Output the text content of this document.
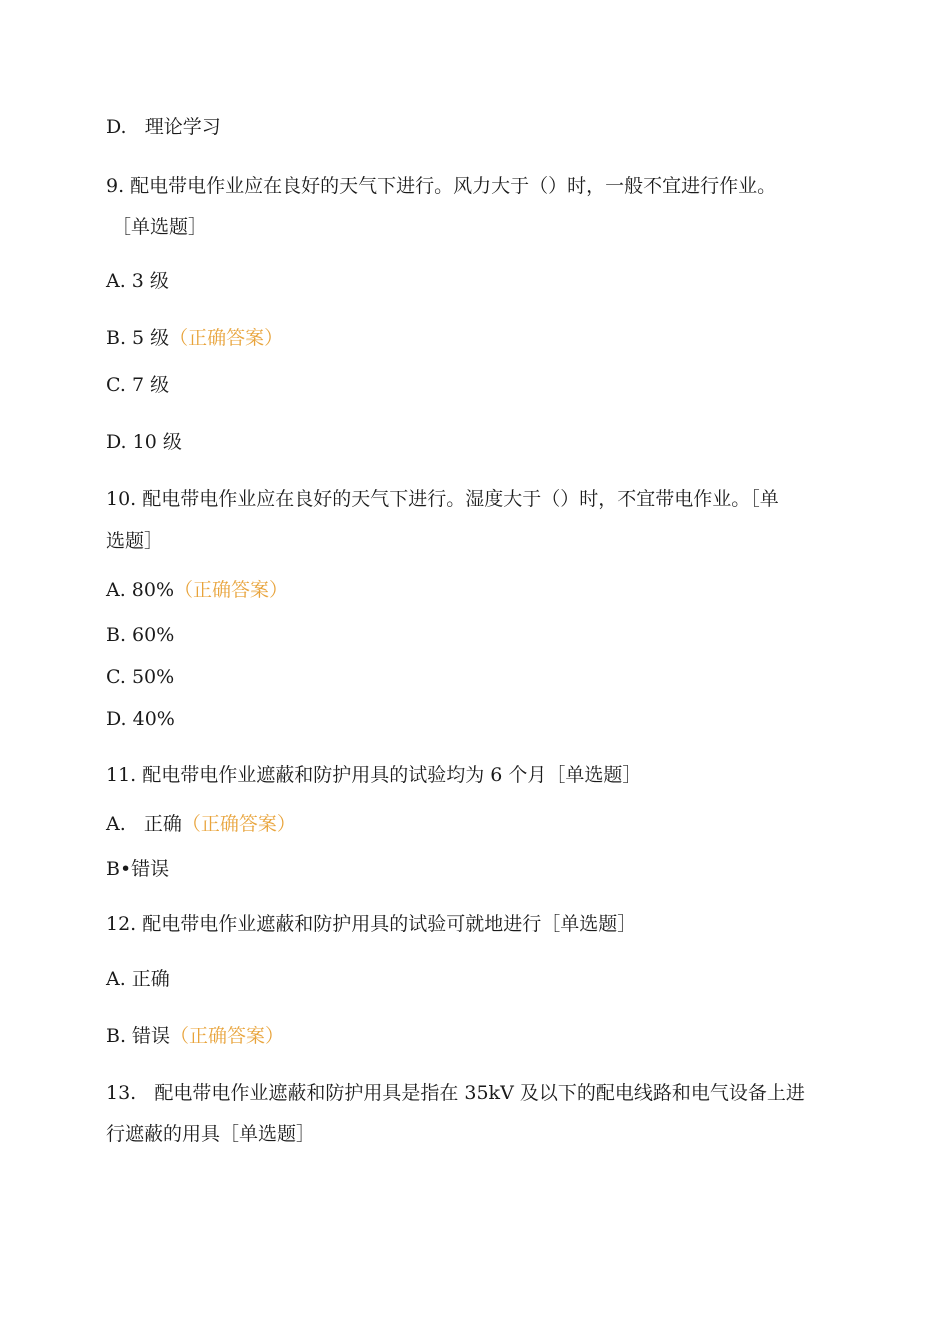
D.   理论学习
9. 配电带电作业应在良好的天气下进行。风力大于（）时，一般不宜进行作业。
［单选题］
A. 3 级
B. 5 级（正确答案）
C. 7 级
D. 10 级
10. 配电带电作业应在良好的天气下进行。湿度大于（）时，不宜带电作业。［单
选题］
A. 80%（正确答案）
B. 60%
C. 50%
D. 40%
11. 配电带电作业遮蔽和防护用具的试验均为 6 个月［单选题］
A.   正确（正确答案）
B•错误
12. 配电带电作业遮蔽和防护用具的试验可就地进行［单选题］
A. 正确
B. 错误（正确答案）
13.   配电带电作业遮蔽和防护用具是指在 35kV 及以下的配电线路和电气设备上进
行遮蔽的用具［单选题］
